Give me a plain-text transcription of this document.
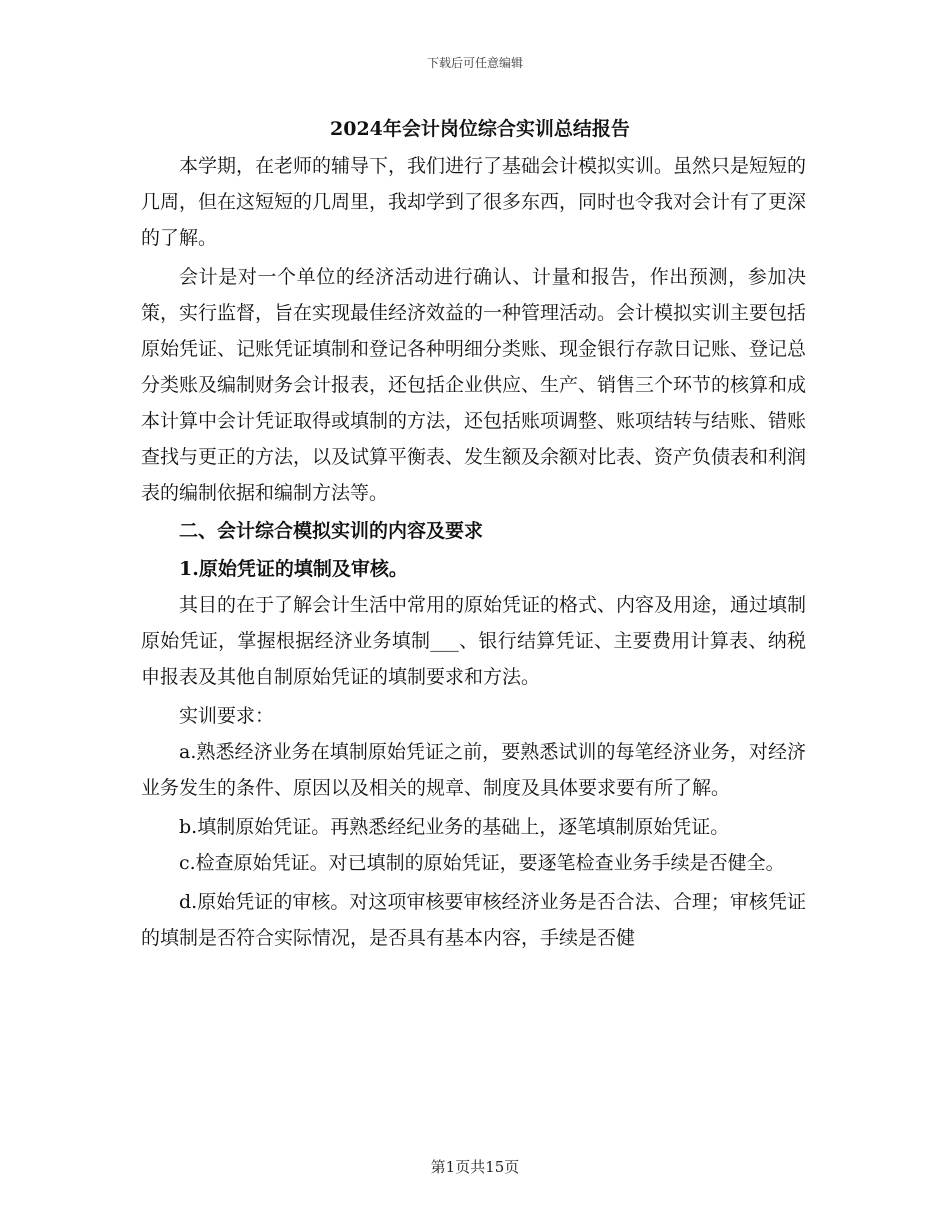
下载后可任意编辑
2024年会计岗位综合实训总结报告

本学期，在老师的辅导下，我们进行了基础会计模拟实训。虽然只是短短的几周，但在这短短的几周里，我却学到了很多东西，同时也令我对会计有了更深的了解。

会计是对一个单位的经济活动进行确认、计量和报告，作出预测，参加决策，实行监督，旨在实现最佳经济效益的一种管理活动。会计模拟实训主要包括原始凭证、记账凭证填制和登记各种明细分类账、现金银行存款日记账、登记总分类账及编制财务会计报表，还包括企业供应、生产、销售三个环节的核算和成本计算中会计凭证取得或填制的方法，还包括账项调整、账项结转与结账、错账查找与更正的方法，以及试算平衡表、发生额及余额对比表、资产负债表和利润表的编制依据和编制方法等。

二、会计综合模拟实训的内容及要求

1.原始凭证的填制及审核。

其目的在于了解会计生活中常用的原始凭证的格式、内容及用途，通过填制原始凭证，掌握根据经济业务填制___、银行结算凭证、主要费用计算表、纳税申报表及其他自制原始凭证的填制要求和方法。

实训要求：

a.熟悉经济业务在填制原始凭证之前，要熟悉试训的每笔经济业务，对经济业务发生的条件、原因以及相关的规章、制度及具体要求要有所了解。

b.填制原始凭证。再熟悉经纪业务的基础上，逐笔填制原始凭证。

c.检查原始凭证。对已填制的原始凭证，要逐笔检查业务手续是否健全。

d.原始凭证的审核。对这项审核要审核经济业务是否合法、合理；审核凭证的填制是否符合实际情况，是否具有基本内容，手续是否健

第1页共15页
